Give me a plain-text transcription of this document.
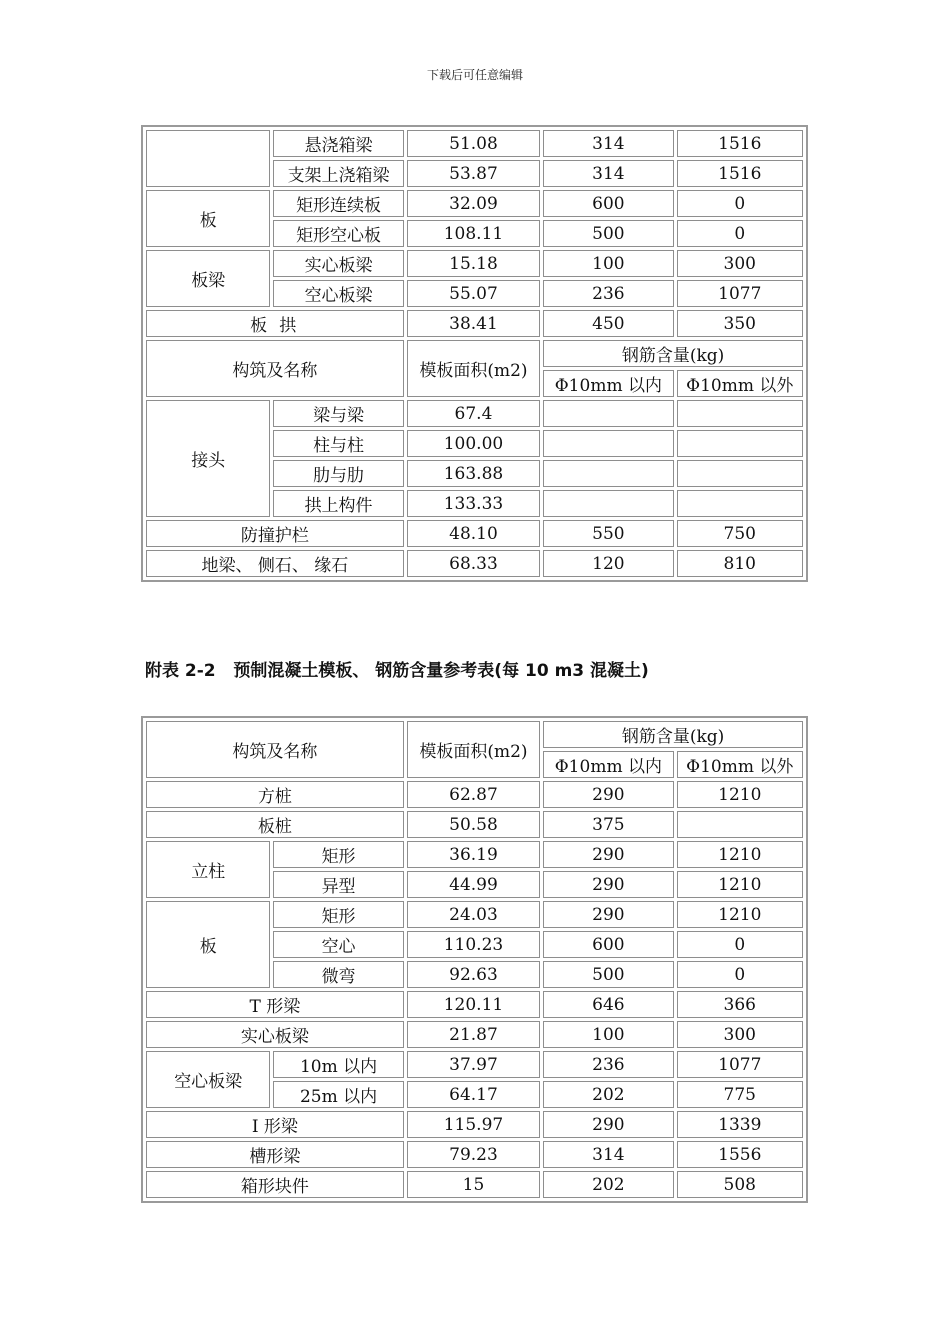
下载后可任意编辑
	悬浇箱梁	51.08	314	1516
	支架上浇箱梁	53.87	314	1516
板	矩形连续板	32.09	600	0
	矩形空心板	108.11	500	0
板梁	实心板梁	15.18	100	300
	空心板梁	55.07	236	1077
板 拱		38.41	450	350
构筑及名称		模板面积(m2)	钢筋含量(kg)	
			Φ10mm 以内	Φ10mm 以外
接头	梁与梁	67.4		
	柱与柱	100.00		
	肋与肋	163.88		
	拱上构件	133.33		
防撞护栏		48.10	550	750
地梁、 侧石、 缘石		68.33	120	810
附表 2-2   预制混凝土模板、 钢筋含量参考表(每 10 m3 混凝土)
构筑及名称		模板面积(m2)	钢筋含量(kg)	
			Φ10mm 以内	Φ10mm 以外
方桩		62.87	290	1210
板桩		50.58	375	
立柱	矩形	36.19	290	1210
	异型	44.99	290	1210
板	矩形	24.03	290	1210
	空心	110.23	600	0
	微弯	92.63	500	0
T 形梁		120.11	646	366
实心板梁		21.87	100	300
空心板梁	10m 以内	37.97	236	1077
	25m 以内	64.17	202	775
I 形梁		115.97	290	1339
槽形梁		79.23	314	1556
箱形块件		15	202	508
